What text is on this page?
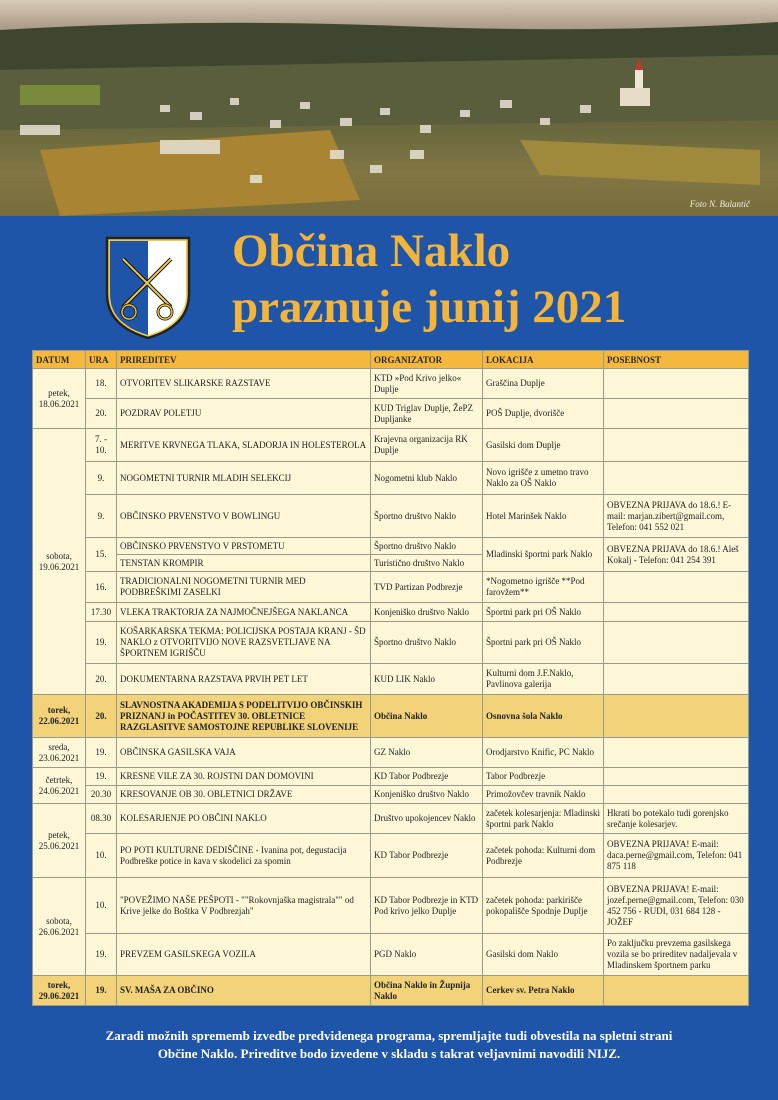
Foto N. Balantič
Občina Naklo
praznuje junij 2021
DATUM	URA	PRIREDITEV	ORGANIZATOR	LOKACIJA	POSEBNOST
petek, 18.06.2021	18.	OTVORITEV SLIKARSKE RAZSTAVE	KTD »Pod Krivo jelko« Duplje	Graščina Duplje	
	20.	POZDRAV POLETJU	KUD Triglav Duplje, ŽePZ Dupljanke	POŠ Duplje, dvorišče	
sobota, 19.06.2021	7. - 10.	MERITVE KRVNEGA TLAKA, SLADORJA IN HOLESTEROLA	Krajevna organizacija RK Duplje	Gasilski dom Duplje	
	9.	NOGOMETNI TURNIR MLADIH SELEKCIJ	Nogometni klub Naklo	Novo igrišče z umetno travo Naklo za OŠ Naklo	
	9.	OBČINSKO PRVENSTVO V BOWLINGU	Športno društvo Naklo	Hotel Marinšek Naklo	OBVEZNA PRIJAVA do 18.6.! E-mail: marjan.zibert@gmail.com, Telefon: 041 552 021
	15.	OBČINSKO PRVENSTVO V PRSTOMETU	Športno društvo Naklo	Mladinski športni park Naklo	OBVEZNA PRIJAVA do 18.6.! Aleš Kokalj - Telefon: 041 254 391
		TENSTAN KROMPIR	Turistično društvo Naklo		
	16.	TRADICIONALNI NOGOMETNI TURNIR MED PODBREŠKIMI ZASELKI	TVD Partizan Podbrezje	*Nogometno igrišče **Pod farovžem**	
	17.30	VLEKA TRAKTORJA ZA NAJMOČNEJŠEGA NAKLANCA	Konjeniško društvo Naklo	Športni park pri OŠ Naklo	
	19.	KOŠARKARSKA TEKMA: POLICIJSKA POSTAJA KRANJ - ŠD NAKLO z OTVORITVIJO NOVE RAZSVETLJAVE NA ŠPORTNEM IGRIŠČU	Športno društvo Naklo	Športni park pri OŠ Naklo	
	20.	DOKUMENTARNA RAZSTAVA PRVIH PET LET	KUD LIK Naklo	Kulturni dom J.F.Naklo, Pavlinova galerija	
torek, 22.06.2021	20.	SLAVNOSTNA AKADEMIJA S PODELITVIJO OBČINSKIH PRIZNANJ in POČASTITEV 30. OBLETNICE RAZGLASITVE SAMOSTOJNE REPUBLIKE SLOVENIJE	Občina Naklo	Osnovna šola Naklo	
sreda, 23.06.2021	19.	OBČINSKA GASILSKA VAJA	GZ Naklo	Orodjarstvo Knific, PC Naklo	
četrtek, 24.06.2021	19.	KRESNE VILE ZA 30. ROJSTNI DAN DOMOVINI	KD Tabor Podbrezje	Tabor Podbrezje	
	20.30	KRESOVANJE OB 30. OBLETNICI DRŽAVE	Konjeniško društvo Naklo	Primožovčev travnik Naklo	
petek, 25.06.2021	08.30	KOLESARJENJE PO OBČINI NAKLO	Društvo upokojencev Naklo	začetek kolesarjenja: Mladinski športni park Naklo	Hkrati bo potekalo tudi gorenjsko srečanje kolesarjev.
	10.	PO POTI KULTURNE DEDIŠČINE - Ivanina pot, degustacija Podbreške potice in kava v skodelici za spomin	KD Tabor Podbrezje	začetek pohoda: Kulturni dom Podbrezje	OBVEZNA PRIJAVA! E-mail: daca.perne@gmail.com, Telefon: 041 875 118
sobota, 26.06.2021	10.	"POVEŽIMO NAŠE PEŠPOTI - ""Rokovnjaška magistrala"" od Krive jelke do Boštka V Podbrezjah"	KD Tabor Podbrezje in KTD Pod krivo jelko Duplje	začetek pohoda: parkirišče pokopališče Spodnje Duplje	OBVEZNA PRIJAVA! E-mail: jozef.perne@gmail.com, Telefon: 030 452 756 - RUDI, 031 684 128 - JOŽEF
	19.	PREVZEM GASILSKEGA VOZILA	PGD Naklo	Gasilski dom Naklo	Po zaključku prevzema gasilskega vozila se bo prireditev nadaljevala v Mladinskem športnem parku
torek, 29.06.2021	19.	SV. MAŠA ZA OBČINO	Občina Naklo in Župnija Naklo	Cerkev sv. Petra Naklo	
Zaradi možnih sprememb izvedbe predvidenega programa, spremljajte tudi obvestila na spletni strani
Občine Naklo. Prireditve bodo izvedene v skladu s takrat veljavnimi navodili NIJZ.
